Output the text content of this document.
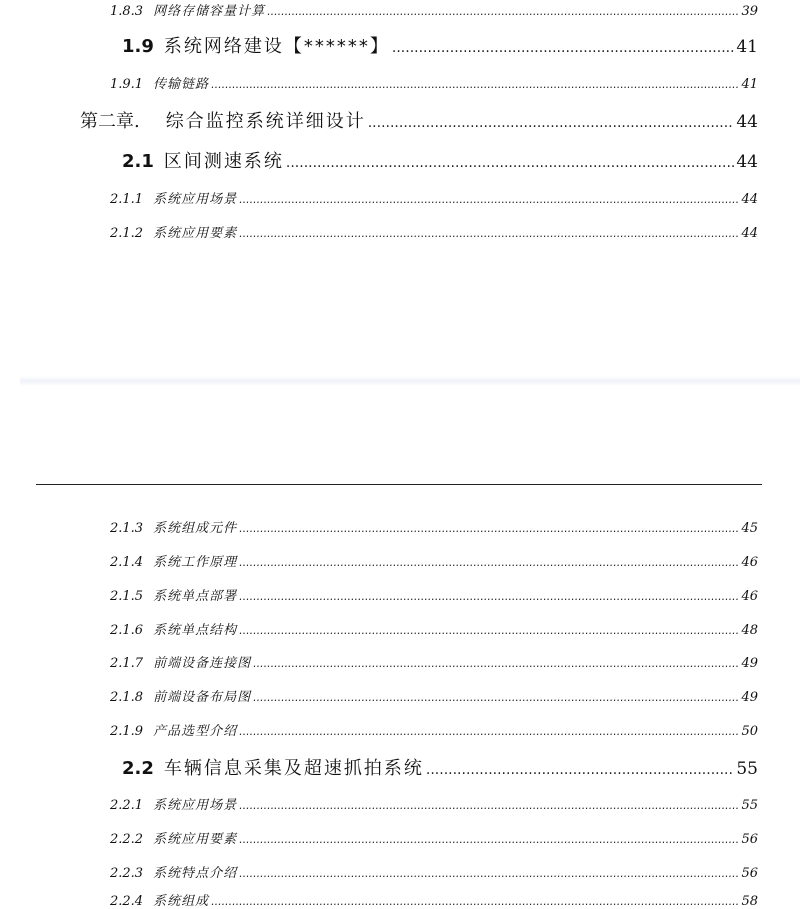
1.8.3 网络存储容量计算 .....	39
1.9 系统网络建设【******】 .....	41
1.9.1 传输链路 .....	41
第二章. 综合监控系统详细设计 .....	44
2.1 区间测速系统 .....	44
2.1.1 系统应用场景 .....	44
2.1.2 系统应用要素 .....	44
2.1.3 系统组成元件 .....	45
2.1.4 系统工作原理 .....	46
2.1.5 系统单点部署 .....	46
2.1.6 系统单点结构 .....	48
2.1.7 前端设备连接图 .....	49
2.1.8 前端设备布局图 .....	49
2.1.9 产品选型介绍 .....	50
2.2 车辆信息采集及超速抓拍系统 .....	55
2.2.1 系统应用场景 .....	55
2.2.2 系统应用要素 .....	56
2.2.3 系统特点介绍 .....	56
2.2.4 系统组成 .....	58
